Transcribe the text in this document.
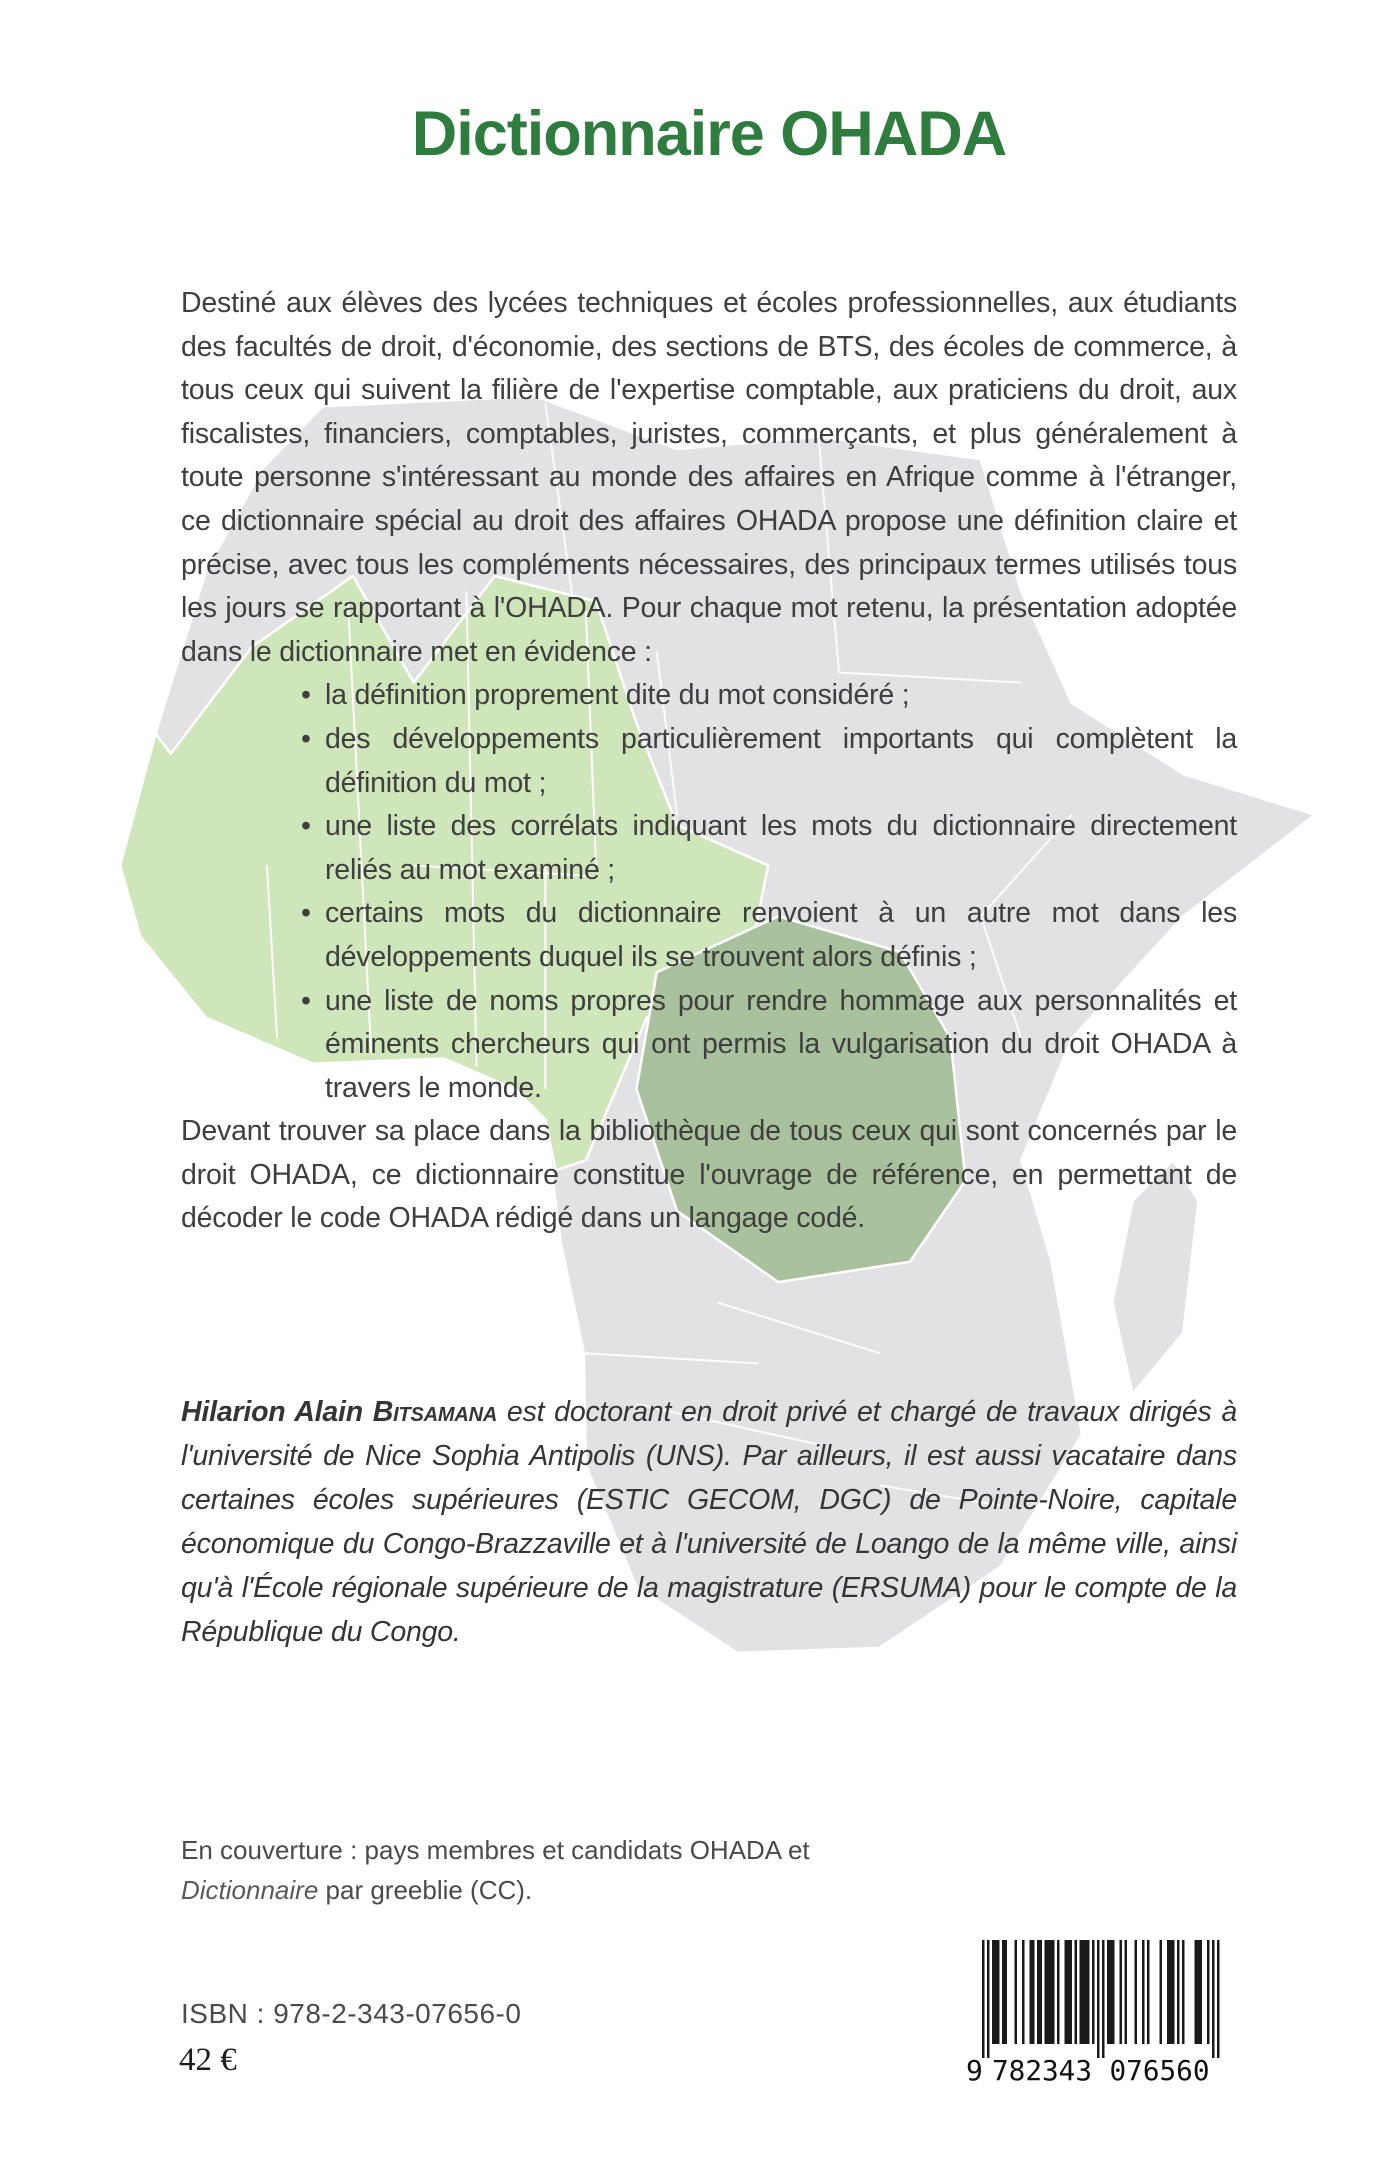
Dictionnaire OHADA

Destiné aux élèves des lycées techniques et écoles professionnelles, aux étudiants des facultés de droit, d'économie, des sections de BTS, des écoles de commerce, à tous ceux qui suivent la filière de l'expertise comptable, aux praticiens du droit, aux fiscalistes, financiers, comptables, juristes, commerçants, et plus généralement à toute personne s'intéressant au monde des affaires en Afrique comme à l'étranger, ce dictionnaire spécial au droit des affaires OHADA propose une définition claire et précise, avec tous les compléments nécessaires, des principaux termes utilisés tous les jours se rapportant à l'OHADA. Pour chaque mot retenu, la présentation adoptée dans le dictionnaire met en évidence :

• la définition proprement dite du mot considéré ;
• des développements particulièrement importants qui complètent la définition du mot ;
• une liste des corrélats indiquant les mots du dictionnaire directement reliés au mot examiné ;
• certains mots du dictionnaire renvoient à un autre mot dans les développements duquel ils se trouvent alors définis ;
• une liste de noms propres pour rendre hommage aux personnalités et éminents chercheurs qui ont permis la vulgarisation du droit OHADA à travers le monde.

Devant trouver sa place dans la bibliothèque de tous ceux qui sont concernés par le droit OHADA, ce dictionnaire constitue l'ouvrage de référence, en permettant de décoder le code OHADA rédigé dans un langage codé.

Hilarion Alain Bitsamana est doctorant en droit privé et chargé de travaux dirigés à l'université de Nice Sophia Antipolis (UNS). Par ailleurs, il est aussi vacataire dans certaines écoles supérieures (ESTIC GECOM, DGC) de Pointe-Noire, capitale économique du Congo-Brazzaville et à l'université de Loango de la même ville, ainsi qu'à l'École régionale supérieure de la magistrature (ERSUMA) pour le compte de la République du Congo.
En couverture : pays membres et candidats OHADA et
Dictionnaire par greeblie (CC).
ISBN : 978-2-343-07656-0
42 €	9 782343 076560
